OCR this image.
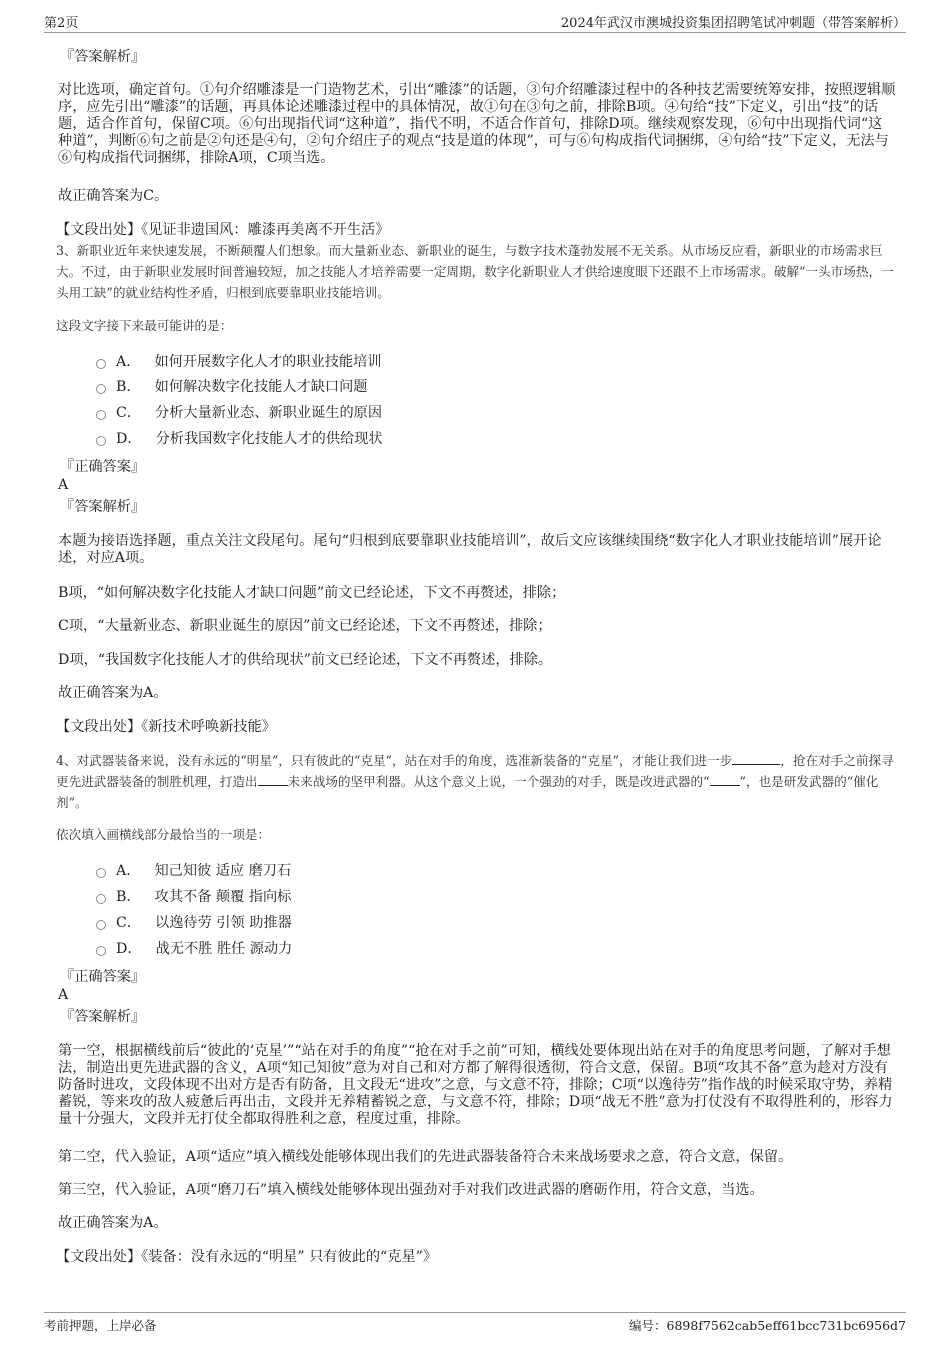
第2页	2024年武汉市澳城投资集团招聘笔试冲刺题（带答案解析）
『答案解析』
对比选项，确定首句。①句介绍雕漆是一门造物艺术，引出“雕漆”的话题，③句介绍雕漆过程中的各种技艺需要统筹安排，按照逻辑顺序，应先引出“雕漆”的话题，再具体论述雕漆过程中的具体情况，故①句在③句之前，排除B项。④句给“技”下定义，引出“技”的话题，适合作首句，保留C项。⑥句出现指代词“这种道”，指代不明，不适合作首句，排除D项。继续观察发现，⑥句中出现指代词“这种道”，判断⑥句之前是②句还是④句，②句介绍庄子的观点“技是道的体现”，可与⑥句构成指代词捆绑，④句给“技”下定义，无法与⑥句构成指代词捆绑，排除A项，C项当选。
故正确答案为C。
【文段出处】《见证非遗国风：雕漆再美离不开生活》
3、新职业近年来快速发展，不断颠覆人们想象。而大量新业态、新职业的诞生，与数字技术蓬勃发展不无关系。从市场反应看，新职业的市场需求巨大。不过，由于新职业发展时间普遍较短，加之技能人才培养需要一定周期，数字化新职业人才供给速度眼下还跟不上市场需求。破解“一头市场热，一头用工缺”的就业结构性矛盾，归根到底要靠职业技能培训。
这段文字接下来最可能讲的是：
A． 如何开展数字化人才的职业技能培训
B． 如何解决数字化技能人才缺口问题
C． 分析大量新业态、新职业诞生的原因
D． 分析我国数字化技能人才的供给现状
『正确答案』
A
『答案解析』
本题为接语选择题，重点关注文段尾句。尾句“归根到底要靠职业技能培训”，故后文应该继续围绕“数字化人才职业技能培训”展开论述，对应A项。
B项，“如何解决数字化技能人才缺口问题”前文已经论述，下文不再赘述，排除；
C项，“大量新业态、新职业诞生的原因”前文已经论述，下文不再赘述，排除；
D项，“我国数字化技能人才的供给现状”前文已经论述，下文不再赘述，排除。
故正确答案为A。
【文段出处】《新技术呼唤新技能》
4、对武器装备来说，没有永远的“明星”，只有彼此的“克星”，站在对手的角度，选准新装备的“克星”，才能让我们进一步	，抢在对手之前探寻更先进武器装备的制胜机理，打造出 未来战场的坚甲利器。从这个意义上说，一个强劲的对手，既是改进武器的“ ”，也是研发武器的“催化剂”。
依次填入画横线部分最恰当的一项是：
A． 知己知彼 适应 磨刀石
B． 攻其不备 颠覆 指向标
C． 以逸待劳 引领 助推器
D． 战无不胜 胜任 源动力
『正确答案』
A
『答案解析』
第一空，根据横线前后“彼此的‘克星’”“站在对手的角度”“抢在对手之前”可知，横线处要体现出站在对手的角度思考问题，了解对手想法，制造出更先进武器的含义，A项“知己知彼”意为对自己和对方都了解得很透彻，符合文意，保留。B项“攻其不备”意为趁对方没有防备时进攻，文段体现不出对方是否有防备，且文段无“进攻”之意，与文意不符，排除；C项“以逸待劳”指作战的时候采取守势，养精蓄锐，等来攻的敌人疲惫后再出击，文段并无养精蓄锐之意，与文意不符，排除；D项“战无不胜”意为打仗没有不取得胜利的，形容力量十分强大，文段并无打仗全都取得胜利之意，程度过重，排除。
第二空，代入验证，A项“适应”填入横线处能够体现出我们的先进武器装备符合未来战场要求之意，符合文意，保留。
第三空，代入验证，A项“磨刀石”填入横线处能够体现出强劲对手对我们改进武器的磨砺作用，符合文意，当选。
故正确答案为A。
【文段出处】《装备：没有永远的“明星” 只有彼此的“克星”》
考前押题，上岸必备	编号：6898f7562cab5eff61bcc731bc6956d7
